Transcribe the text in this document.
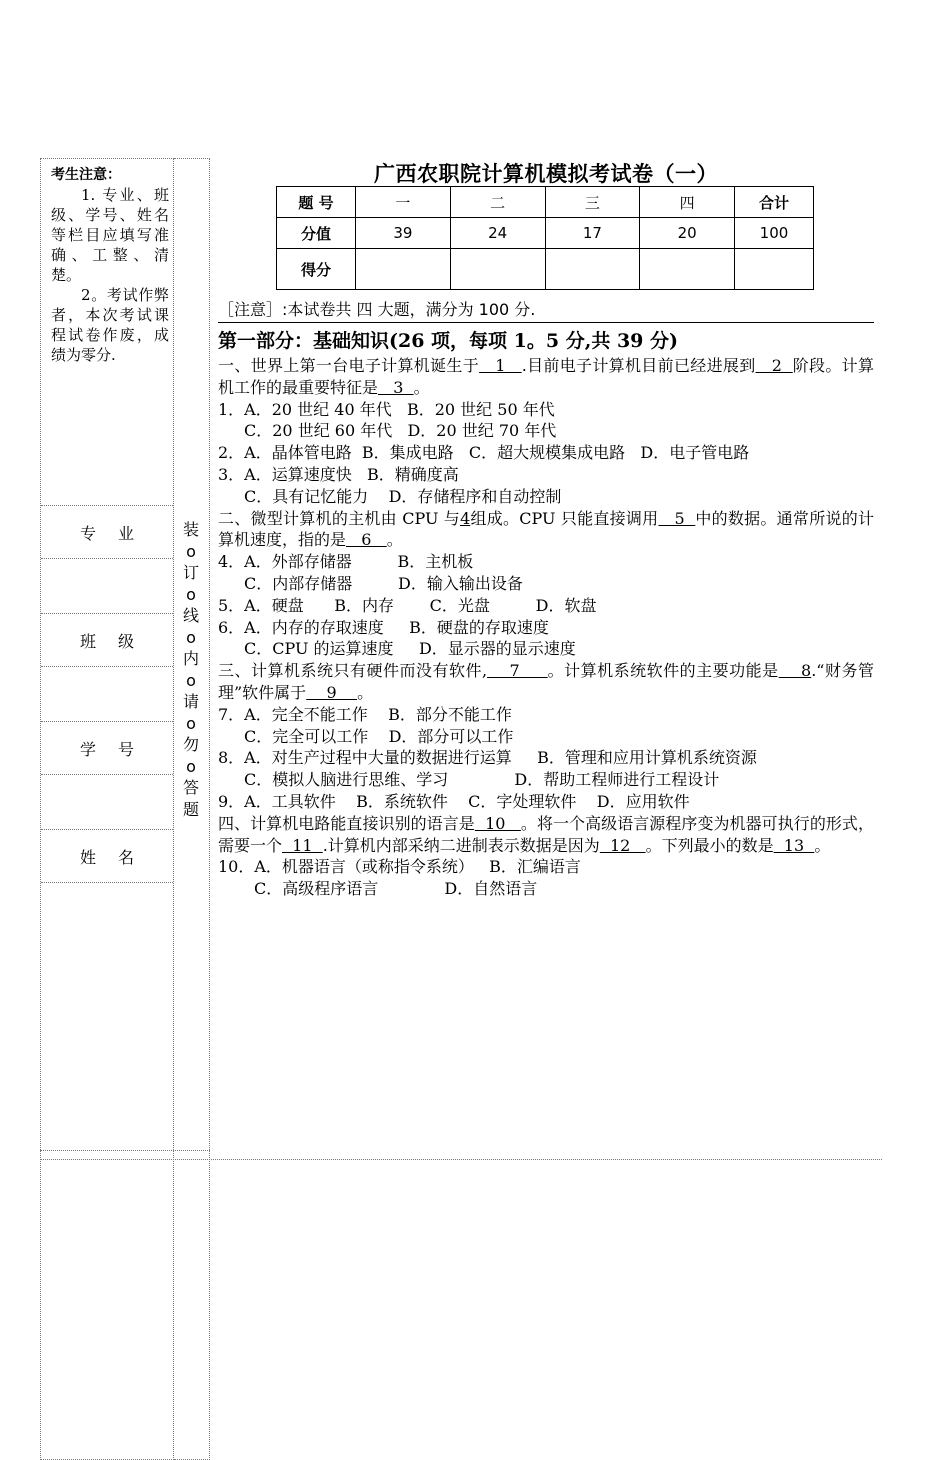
考生注意：

1. 专业、班级、学号、姓名等栏目应填写准确、工整、清楚。

2。考试作弊者，本次考试课程试卷作废，成绩为零分.

专业
班级
学号
姓名
装
o
订
o
线
o
内
o
请
o
勿
o
答
题
广西农职院计算机模拟考试卷（一）
题 号	一	二	三	四	合计
分值	39	24	17	20	100
得分					
［注意］:本试卷共 四 大题，满分为 100 分.
第一部分：基础知识(26 项，每项 1。5 分,共 39 分)

一、世界上第一台电子计算机诞生于   1   .目前电子计算机目前已经进展到   2  阶段。计算机工作的最重要特征是   3  。

1．A．20 世纪 40 年代   B．20 世纪 50 年代

C．20 世纪 60 年代   D．20 世纪 70 年代

2．A．晶体管电路  B．集成电路   C．超大规模集成电路   D．电子管电路

3．A．运算速度快   B．精确度高

C．具有记忆能力    D．存储程序和自动控制

二、微型计算机的主机由 CPU 与4组成。CPU 只能直接调用   5  中的数据。通常所说的计算机速度，指的是   6   。

4．A．外部存储器         B．主机板

C．内部存储器         D．输入输出设备

5．A．硬盘      B．内存       C．光盘         D．软盘

6．A．内存的存取速度     B．硬盘的存取速度

C．CPU 的运算速度     D．显示器的显示速度

三、计算机系统只有硬件而没有软件,    7     。计算机系统软件的主要功能是    8.“财务管理”软件属于    9    。

7．A．完全不能工作    B．部分不能工作

C．完全可以工作    D．部分可以工作

8．A．对生产过程中大量的数据进行运算     B．管理和应用计算机系统资源

C．模拟人脑进行思维、学习             D．帮助工程师进行工程设计

9．A．工具软件    B．系统软件    C．字处理软件    D．应用软件

四、计算机电路能直接识别的语言是  10   。将一个高级语言源程序变为机器可执行的形式，需要一个  11  .计算机内部采纳二进制表示数据是因为  12   。下列最小的数是  13  。

10．A．机器语言（或称指令系统）   B．汇编语言

C．高级程序语言             D．自然语言
